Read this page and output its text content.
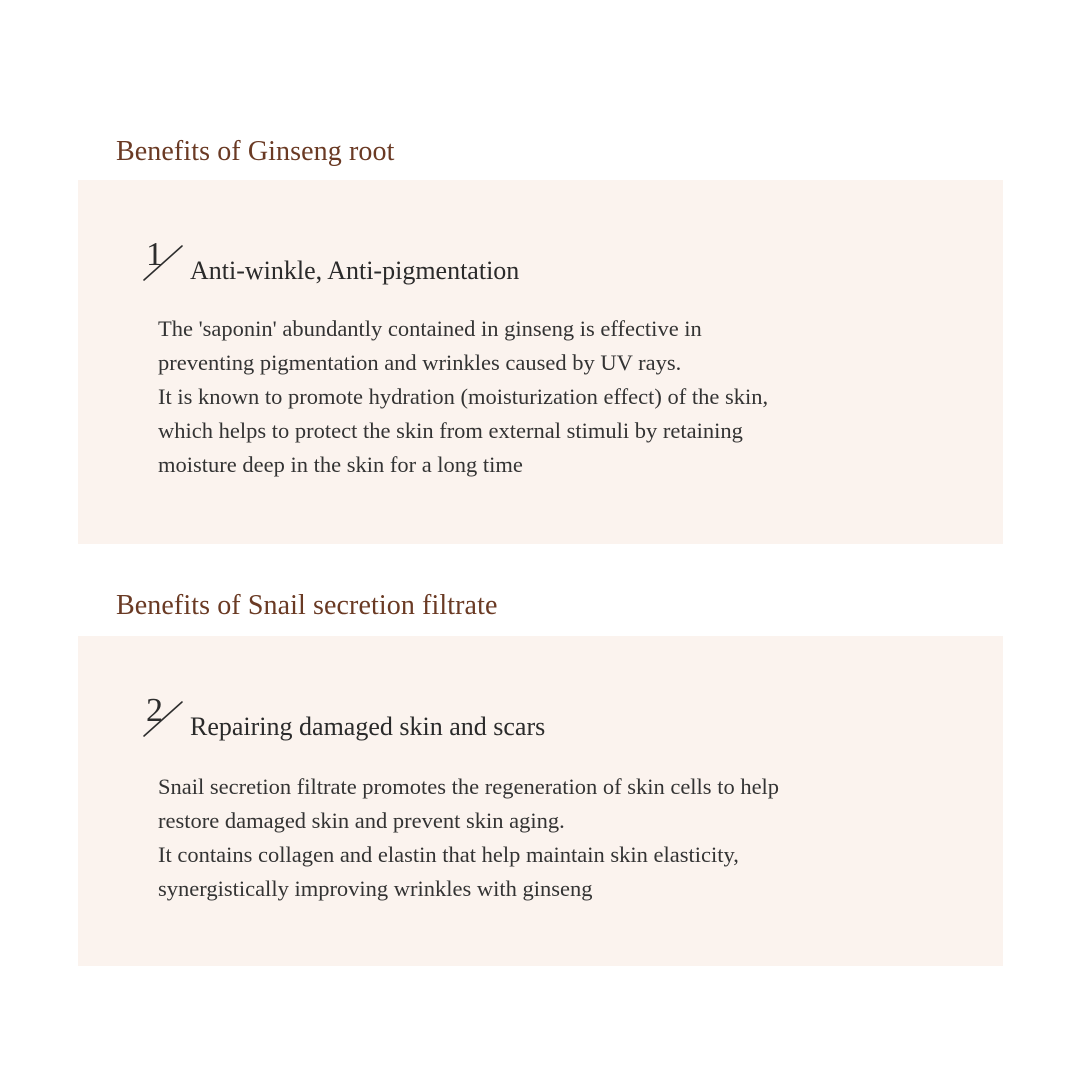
Benefits of Ginseng root
1 Anti-winkle, Anti-pigmentation

The 'saponin' abundantly contained in ginseng is effective in

preventing pigmentation and wrinkles caused by UV rays.

It is known to promote hydration (moisturization effect) of the skin,

which helps to protect the skin from external stimuli by retaining

moisture deep in the skin for a long time

Benefits of Snail secretion filtrate
2 Repairing damaged skin and scars

Snail secretion filtrate promotes the regeneration of skin cells to help

restore damaged skin and prevent skin aging.

It contains collagen and elastin that help maintain skin elasticity,

synergistically improving wrinkles with ginseng
